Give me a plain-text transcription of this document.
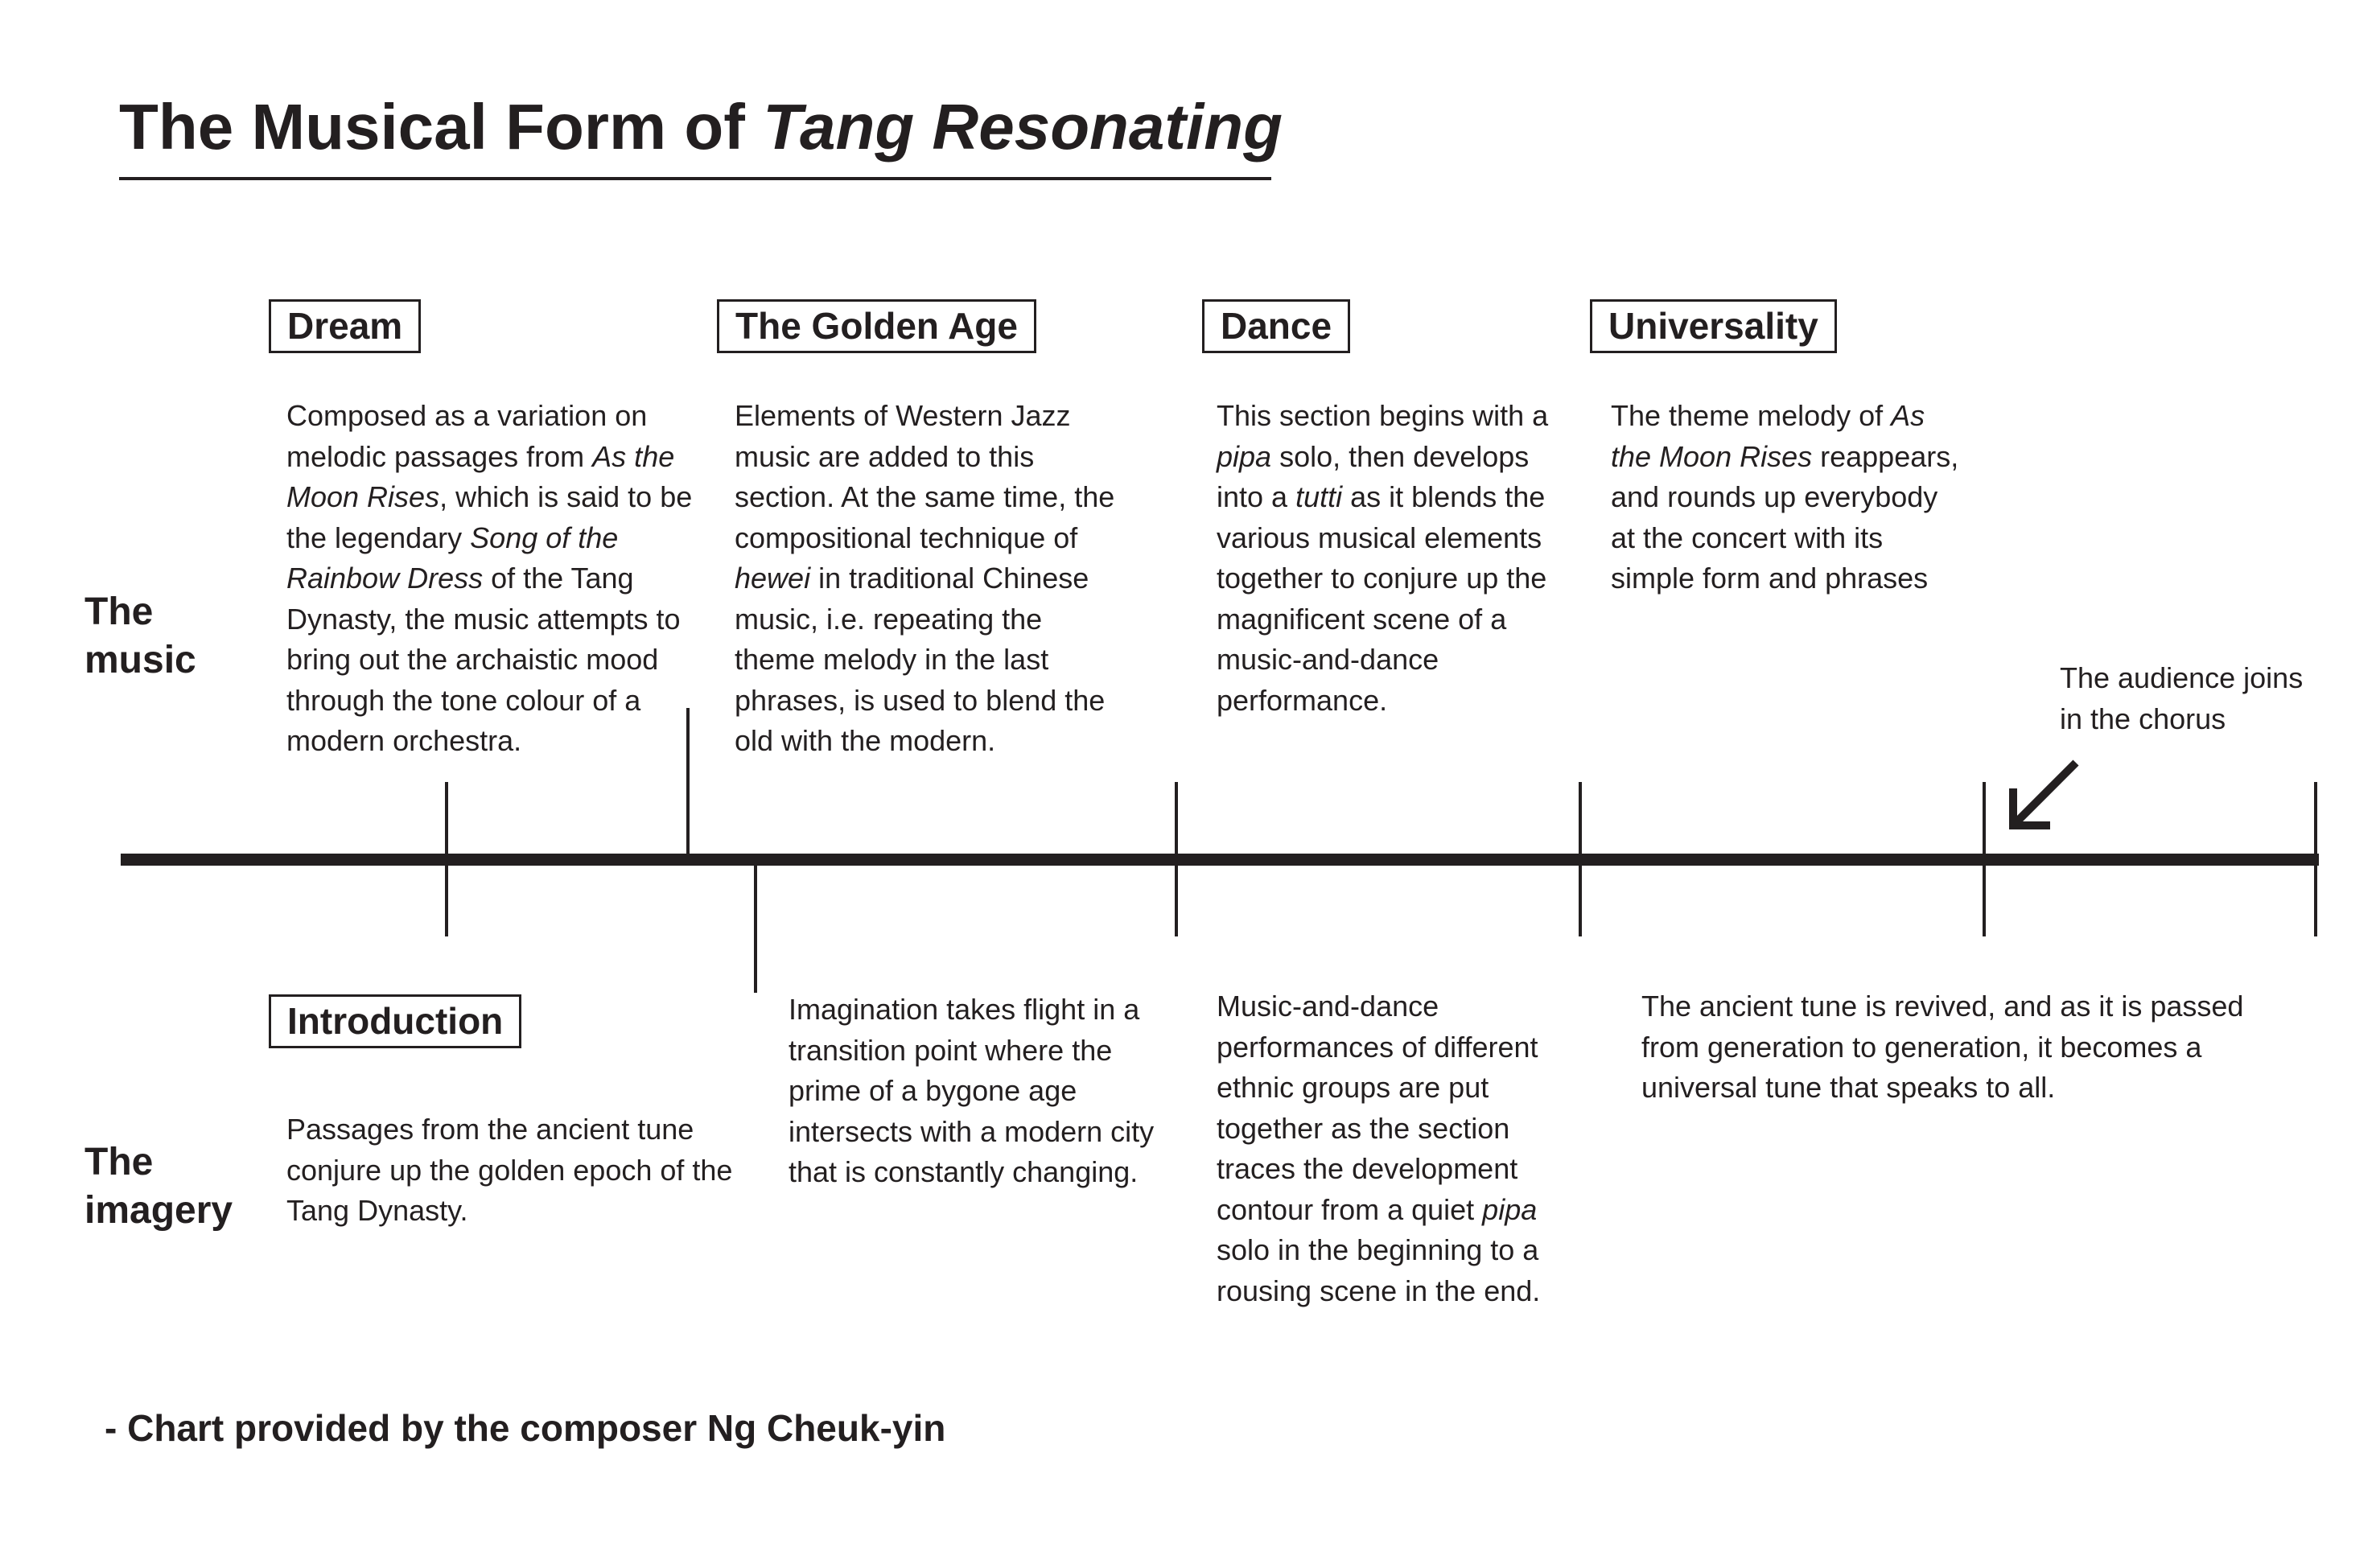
The Musical Form of Tang Resonating
The
music
The
imagery
Dream	The Golden Age	Dance	Universality
Composed as a variation on
melodic passages from As the
Moon Rises, which is said to be
the legendary Song of the
Rainbow Dress of the Tang
Dynasty, the music attempts to
bring out the archaistic mood
through the tone colour of a
modern orchestra.
Elements of Western Jazz
music are added to this
section. At the same time, the
compositional technique of
hewei in traditional Chinese
music, i.e. repeating the
theme melody in the last
phrases, is used to blend the
old with the modern.
This section begins with a
pipa solo, then develops
into a tutti as it blends the
various musical elements
together to conjure up the
magnificent scene of a
music-and-dance
performance.
The theme melody of As
the Moon Rises reappears,
and rounds up everybody
at the concert with its
simple form and phrases
The audience joins
in the chorus
Introduction
Passages from the ancient tune
conjure up the golden epoch of the
Tang Dynasty.
Imagination takes flight in a
transition point where the
prime of a bygone age
intersects with a modern city
that is constantly changing.
Music-and-dance
performances of different
ethnic groups are put
together as the section
traces the development
contour from a quiet pipa
solo in the beginning to a
rousing scene in the end.
The ancient tune is revived, and as it is passed
from generation to generation, it becomes a
universal tune that speaks to all.
- Chart provided by the composer Ng Cheuk-yin
